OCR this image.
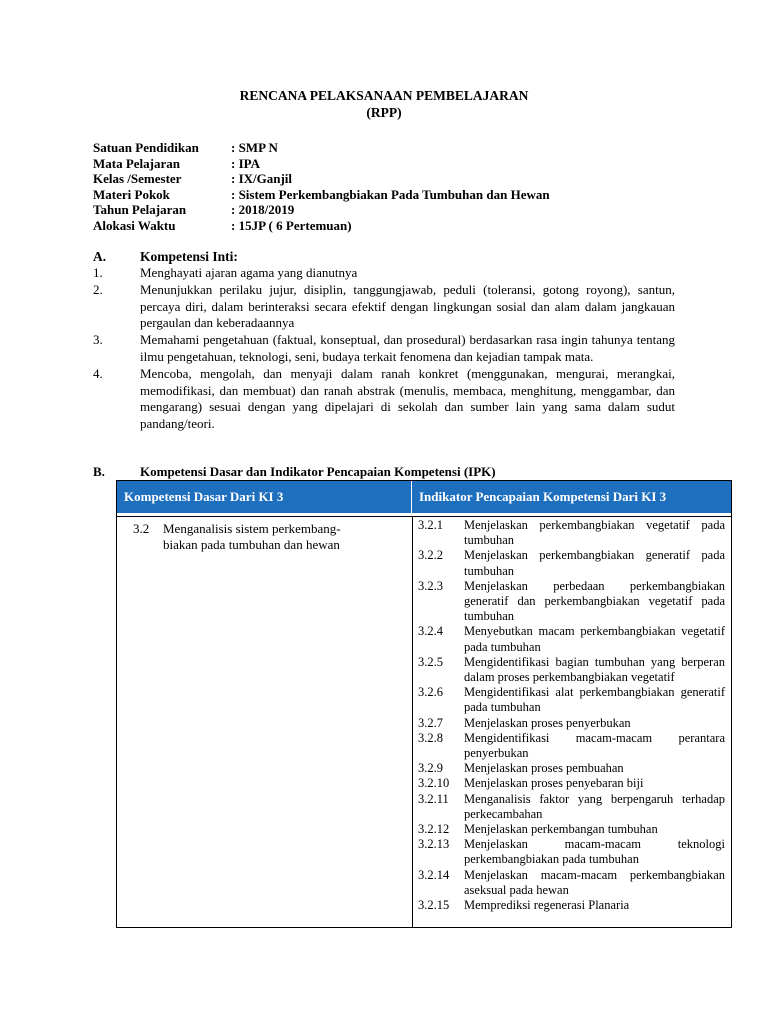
RENCANA PELAKSANAAN PEMBELAJARAN
(RPP)
Satuan Pendidikan : SMP N
Mata Pelajaran	: IPA
Kelas /Semester	: IX/Ganjil
Materi Pokok	: Sistem Perkembangbiakan Pada Tumbuhan dan Hewan
Tahun Pelajaran	: 2018/2019
Alokasi Waktu	: 15JP ( 6 Pertemuan)
A.	Kompetensi Inti:
1.	Menghayati ajaran agama yang dianutnya
2.	Menunjukkan perilaku jujur, disiplin, tanggungjawab, peduli (toleransi, gotong royong), santun, percaya diri, dalam berinteraksi secara efektif dengan lingkungan sosial dan alam dalam jangkauan pergaulan dan keberadaannya
3.	Memahami pengetahuan (faktual, konseptual, dan prosedural) berdasarkan rasa ingin tahunya tentang ilmu pengetahuan, teknologi, seni, budaya terkait fenomena dan kejadian tampak mata.
4.	Mencoba, mengolah, dan menyaji dalam ranah konkret (menggunakan, mengurai, merangkai, memodifikasi, dan membuat) dan ranah abstrak (menulis, membaca, menghitung, menggambar, dan mengarang) sesuai dengan yang dipelajari di sekolah dan sumber lain yang sama dalam sudut pandang/teori.
B.	Kompetensi Dasar dan Indikator Pencapaian Kompetensi (IPK)
Kompetensi Dasar Dari KI 3	Indikator Pencapaian Kompetensi Dari KI 3
3.2 Menganalisis sistem perkembang-
biakan pada tumbuhan dan hewan
3.2.1	Menjelaskan perkembangbiakan vegetatif pada tumbuhan
3.2.2	Menjelaskan perkembangbiakan generatif pada tumbuhan
3.2.3	Menjelaskan perbedaan perkembangbiakan generatif dan perkembangbiakan vegetatif pada tumbuhan
3.2.4	Menyebutkan macam perkembangbiakan vegetatif pada tumbuhan
3.2.5	Mengidentifikasi bagian tumbuhan yang berperan dalam proses perkembangbiakan vegetatif
3.2.6	Mengidentifikasi alat perkembangbiakan generatif pada tumbuhan
3.2.7	Menjelaskan proses penyerbukan
3.2.8	Mengidentifikasi macam-macam perantara penyerbukan
3.2.9	Menjelaskan proses pembuahan
3.2.10	Menjelaskan proses penyebaran biji
3.2.11	Menganalisis faktor yang berpengaruh terhadap perkecambahan
3.2.12	Menjelaskan perkembangan tumbuhan
3.2.13	Menjelaskan macam-macam teknologi perkembangbiakan pada tumbuhan
3.2.14	Menjelaskan macam-macam perkembangbiakan aseksual pada hewan
3.2.15	Memprediksi regenerasi Planaria
